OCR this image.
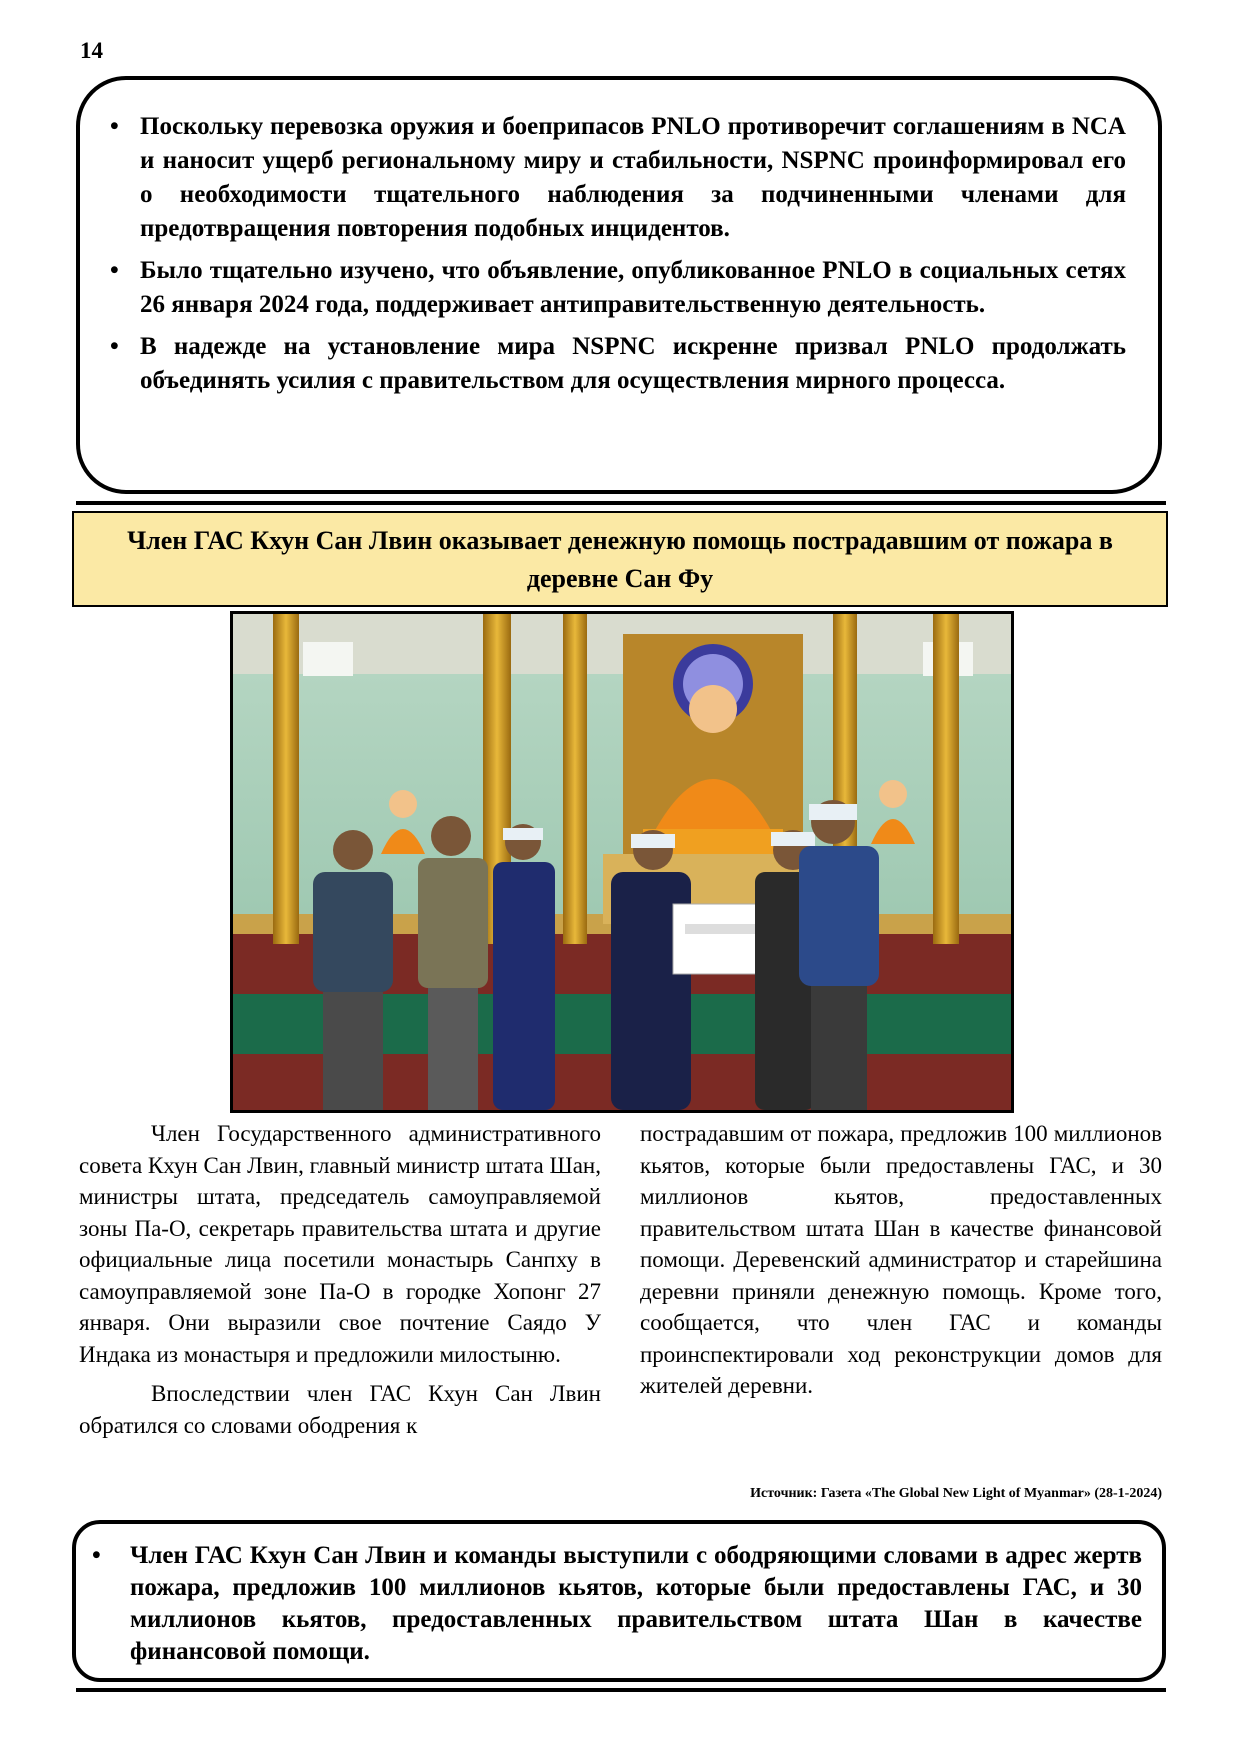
14
• Поскольку перевозка оружия и боеприпасов PNLO противоречит соглашениям в NCA и наносит ущерб региональному миру и стабильности, NSPNC проинформировал его о необходимости тщательного наблюдения за подчиненными членами для предотвращения повторения подобных инцидентов.
• Было тщательно изучено, что объявление, опубликованное PNLO в социальных сетях 26 января 2024 года, поддерживает антиправительственную деятельность.
• В надежде на установление мира NSPNC искренне призвал PNLO продолжать объединять усилия с правительством для осуществления мирного процесса.
Член ГАС Кхун Сан Лвин оказывает денежную помощь пострадавшим от пожара в деревне Сан Фу

Член Государственного административного совета Кхун Сан Лвин, главный министр штата Шан, министры штата, председатель самоуправляемой зоны Па-О, секретарь правительства штата и другие официальные лица посетили монастырь Санпху в самоуправляемой зоне Па-О в городке Хопонг 27 января. Они выразили свое почтение Саядо У Индака из монастыря и предложили милостыню.

Впоследствии член ГАС Кхун Сан Лвин обратился со словами ободрения к

пострадавшим от пожара, предложив 100 миллионов кьятов, которые были предоставлены ГАС, и 30 миллионов кьятов, предоставленных правительством штата Шан в качестве финансовой помощи. Деревенский администратор и старейшина деревни приняли денежную помощь. Кроме того, сообщается, что член ГАС и команды проинспектировали ход реконструкции домов для жителей деревни.

Источник: Газета «The Global New Light of Myanmar» (28-1-2024)
• Член ГАС Кхун Сан Лвин и команды выступили с ободряющими словами в адрес жертв пожара, предложив 100 миллионов кьятов, которые были предоставлены ГАС, и 30 миллионов кьятов, предоставленных правительством штата Шан в качестве финансовой помощи.
